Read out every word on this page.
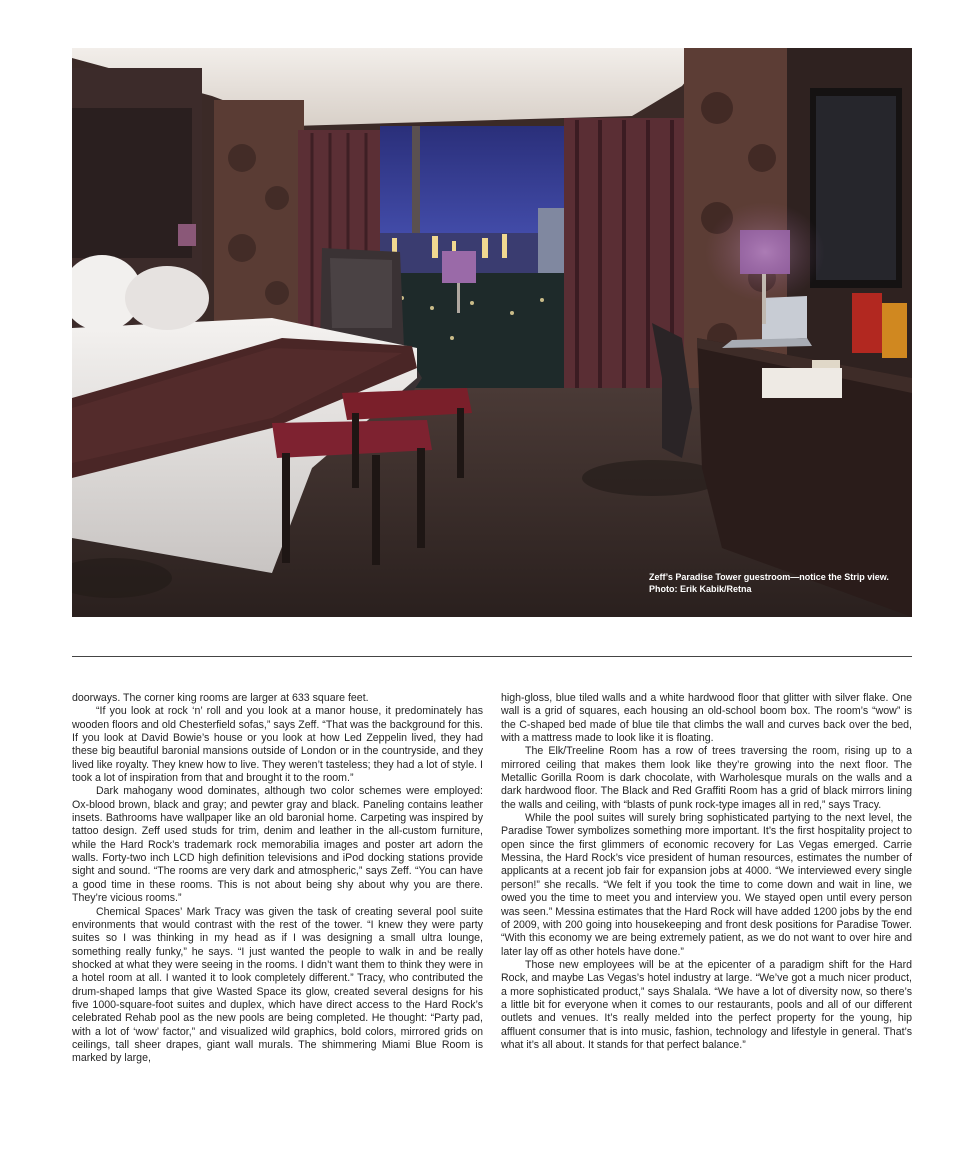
Zeff’s Paradise Tower guestroom—notice the Strip view.
Photo: Erik Kabik/Retna

doorways. The corner king rooms are larger at 633 square feet.

“If you look at rock ‘n’ roll and you look at a manor house, it predominately has wooden floors and old Chesterfield sofas,” says Zeff. “That was the background for this. If you look at David Bowie’s house or you look at how Led Zeppelin lived, they had these big beautiful baronial mansions outside of London or in the countryside, and they lived like royalty. They knew how to live. They weren’t tasteless; they had a lot of style. I took a lot of inspiration from that and brought it to the room.”

Dark mahogany wood dominates, although two color schemes were employed: Ox-blood brown, black and gray; and pewter gray and black. Paneling contains leather insets. Bathrooms have wallpaper like an old baronial home. Carpeting was inspired by tattoo design. Zeff used studs for trim, denim and leather in the all-custom furniture, while the Hard Rock’s trademark rock memorabilia images and poster art adorn the walls. Forty-two inch LCD high definition televisions and iPod docking stations provide sight and sound. “The rooms are very dark and atmospheric,” says Zeff. “You can have a good time in these rooms. This is not about being shy about why you are there. They’re vicious rooms.”

Chemical Spaces’ Mark Tracy was given the task of creating several pool suite environments that would contrast with the rest of the tower. “I knew they were party suites so I was thinking in my head as if I was designing a small ultra lounge, something really funky,” he says. “I just wanted the people to walk in and be really shocked at what they were seeing in the rooms. I didn’t want them to think they were in a hotel room at all. I wanted it to look completely different.” Tracy, who contributed the drum-shaped lamps that give Wasted Space its glow, created several designs for his five 1000-square-foot suites and duplex, which have direct access to the Hard Rock’s celebrated Rehab pool as the new pools are being completed. He thought: “Party pad, with a lot of ‘wow’ factor,” and visualized wild graphics, bold colors, mirrored grids on ceilings, tall sheer drapes, giant wall murals. The shimmering Miami Blue Room is marked by large,

high-gloss, blue tiled walls and a white hardwood floor that glitter with silver flake. One wall is a grid of squares, each housing an old-school boom box. The room’s “wow” is the C-shaped bed made of blue tile that climbs the wall and curves back over the bed, with a mattress made to look like it is floating.

The Elk/Treeline Room has a row of trees traversing the room, rising up to a mirrored ceiling that makes them look like they’re growing into the next floor. The Metallic Gorilla Room is dark chocolate, with Warholesque murals on the walls and a dark hardwood floor. The Black and Red Graffiti Room has a grid of black mirrors lining the walls and ceiling, with “blasts of punk rock-type images all in red,” says Tracy.

While the pool suites will surely bring sophisticated partying to the next level, the Paradise Tower symbolizes something more important. It’s the first hospitality project to open since the first glimmers of economic recovery for Las Vegas emerged. Carrie Messina, the Hard Rock’s vice president of human resources, estimates the number of applicants at a recent job fair for expansion jobs at 4000. “We interviewed every single person!” she recalls. “We felt if you took the time to come down and wait in line, we owed you the time to meet you and interview you. We stayed open until every person was seen.” Messina estimates that the Hard Rock will have added 1200 jobs by the end of 2009, with 200 going into housekeeping and front desk positions for Paradise Tower. “With this economy we are being extremely patient, as we do not want to over hire and later lay off as other hotels have done.”

Those new employees will be at the epicenter of a paradigm shift for the Hard Rock, and maybe Las Vegas’s hotel industry at large. “We’ve got a much nicer product, a more sophisticated product,” says Shalala. “We have a lot of diversity now, so there’s a little bit for everyone when it comes to our restaurants, pools and all of our different outlets and venues. It’s really melded into the perfect property for the young, hip affluent consumer that is into music, fashion, technology and lifestyle in general. That’s what it’s all about. It stands for that perfect balance.”
